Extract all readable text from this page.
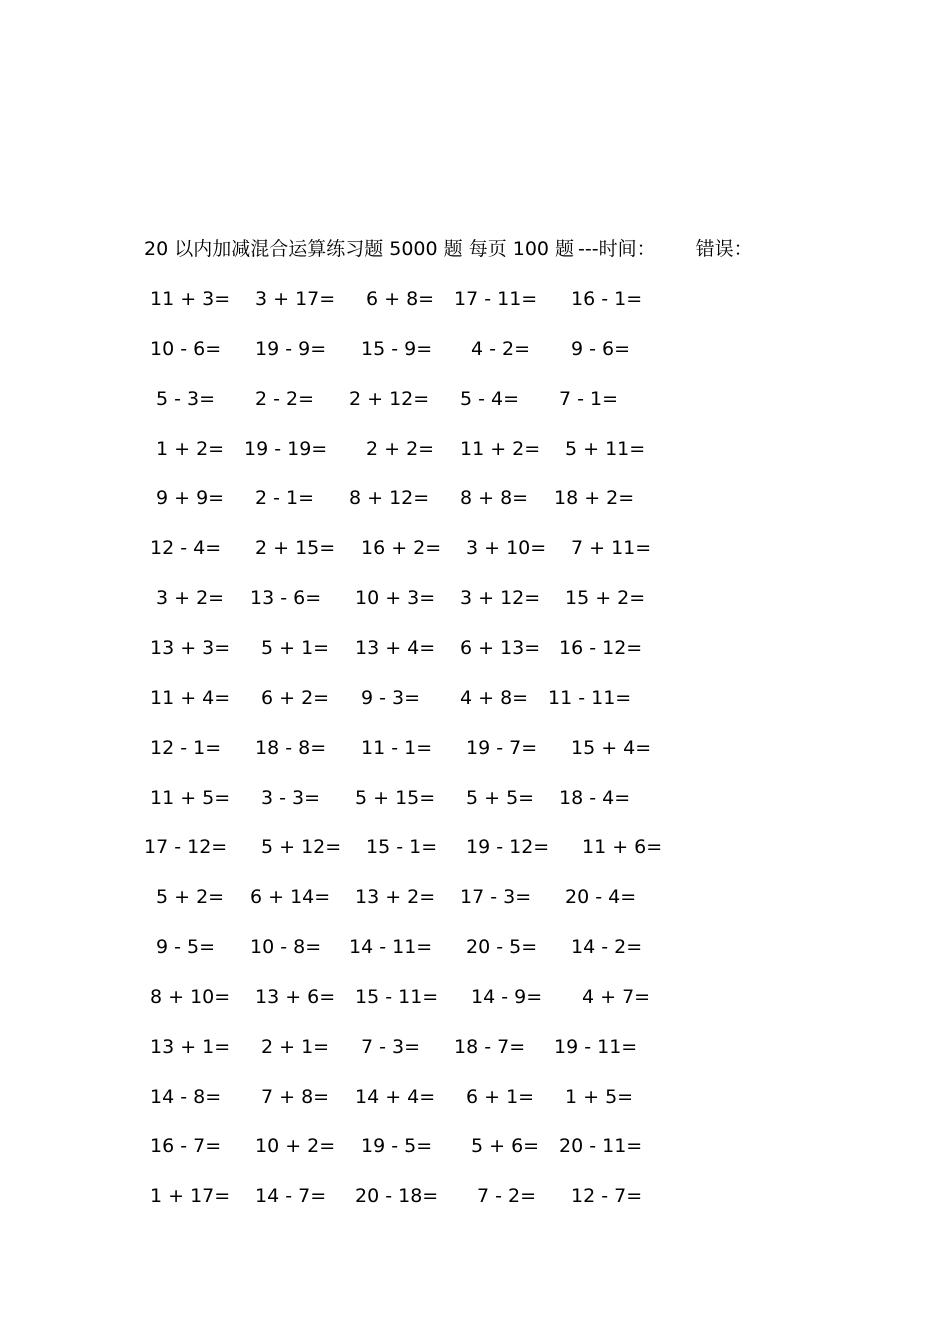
20 以内加减混合运算练习题 5000 题 每页 100 题 ---时间： 错误：
11 + 3= 3 + 17= 6 + 8= 17 - 11= 16 - 1=
10 - 6= 19 - 9= 15 - 9= 4 - 2= 9 - 6=
5 - 3= 2 - 2= 2 + 12= 5 - 4= 7 - 1=
1 + 2= 19 - 19= 2 + 2= 11 + 2= 5 + 11=
9 + 9= 2 - 1= 8 + 12= 8 + 8= 18 + 2=
12 - 4= 2 + 15= 16 + 2= 3 + 10= 7 + 11=
3 + 2= 13 - 6= 10 + 3= 3 + 12= 15 + 2=
13 + 3= 5 + 1= 13 + 4= 6 + 13= 16 - 12=
11 + 4= 6 + 2= 9 - 3= 4 + 8= 11 - 11=
12 - 1= 18 - 8= 11 - 1= 19 - 7= 15 + 4=
11 + 5= 3 - 3= 5 + 15= 5 + 5= 18 - 4=
17 - 12= 5 + 12= 15 - 1= 19 - 12= 11 + 6=
5 + 2= 6 + 14= 13 + 2= 17 - 3= 20 - 4=
9 - 5= 10 - 8= 14 - 11= 20 - 5= 14 - 2=
8 + 10= 13 + 6= 15 - 11= 14 - 9= 4 + 7=
13 + 1= 2 + 1= 7 - 3= 18 - 7= 19 - 11=
14 - 8= 7 + 8= 14 + 4= 6 + 1= 1 + 5=
16 - 7= 10 + 2= 19 - 5= 5 + 6= 20 - 11=
1 + 17= 14 - 7= 20 - 18= 7 - 2= 12 - 7=
